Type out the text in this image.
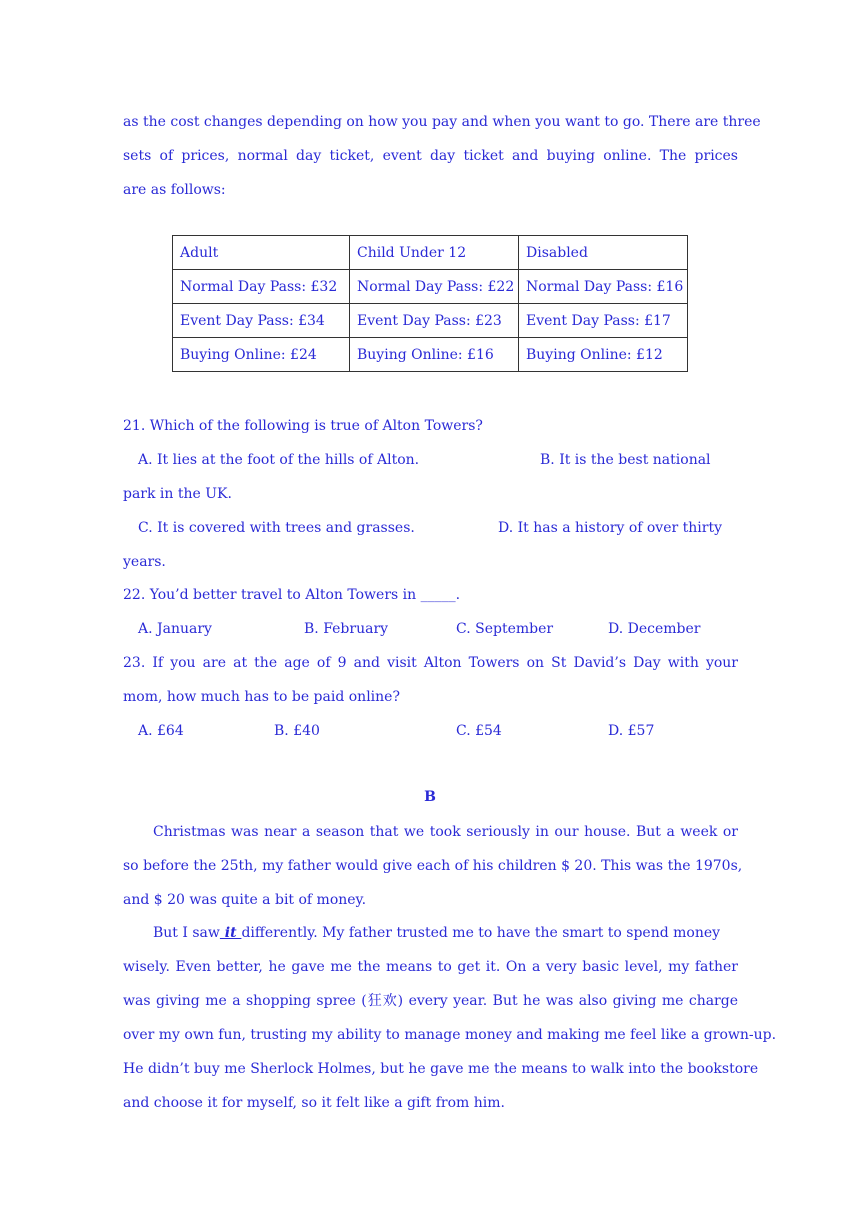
as the cost changes depending on how you pay and when you want to go. There are three
sets of prices, normal day ticket, event day ticket and buying online. The prices
are as follows:
Adult	Child Under 12	Disabled
Normal Day Pass: £32	Normal Day Pass: £22	Normal Day Pass: £16
Event Day Pass: £34	Event Day Pass: £23	Event Day Pass: £17
Buying Online: £24	Buying Online: £16	Buying Online: £12
21. Which of the following is true of Alton Towers?
A. It lies at the foot of the hills of Alton.	B. It is the best national
park in the UK.
C. It is covered with trees and grasses.	D. It has a history of over thirty
years.
22. You’d better travel to Alton Towers in _____.
A. January	B. February	C. September	D. December
23. If you are at the age of 9 and visit Alton Towers on St David’s Day with your
mom, how much has to be paid online?
A. £64	B. £40	C. £54	D. £57
B
Christmas was near a season that we took seriously in our house. But a week or
so before the 25th, my father would give each of his children $ 20. This was the 1970s,
and $ 20 was quite a bit of money.
But I saw it differently. My father trusted me to have the smart to spend money
wisely. Even better, he gave me the means to get it. On a very basic level, my father
was giving me a shopping spree (狂欢) every year. But he was also giving me charge
over my own fun, trusting my ability to manage money and making me feel like a grown-up.
He didn’t buy me Sherlock Holmes, but he gave me the means to walk into the bookstore
and choose it for myself, so it felt like a gift from him.
